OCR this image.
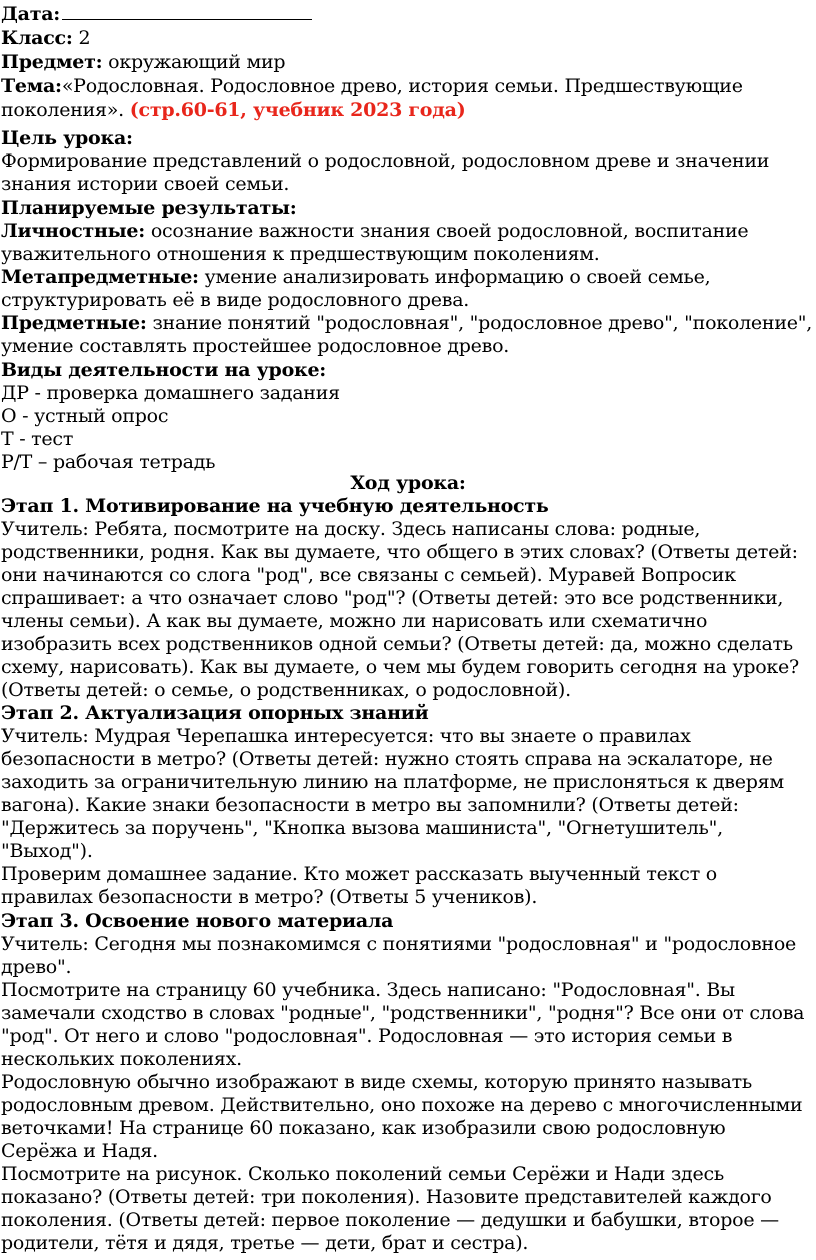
Дата:
Класс: 2
Предмет: окружающий мир
Тема:«Родословная. Родословное древо, история семьи. Предшествующие
поколения». (стр.60-61, учебник 2023 года)
Цель урока:
Формирование представлений о родословной, родословном древе и значении
знания истории своей семьи.
Планируемые результаты:
Личностные: осознание важности знания своей родословной, воспитание
уважительного отношения к предшествующим поколениям.
Метапредметные: умение анализировать информацию о своей семье,
структурировать её в виде родословного древа.
Предметные: знание понятий "родословная", "родословное древо", "поколение",
умение составлять простейшее родословное древо.
Виды деятельности на уроке:
ДР - проверка домашнего задания
О - устный опрос
Т - тест
Р/Т – рабочая тетрадь
Ход урока:
Этап 1. Мотивирование на учебную деятельность
Учитель: Ребята, посмотрите на доску. Здесь написаны слова: родные,
родственники, родня. Как вы думаете, что общего в этих словах? (Ответы детей:
они начинаются со слога "род", все связаны с семьей). Муравей Вопросик
спрашивает: а что означает слово "род"? (Ответы детей: это все родственники,
члены семьи). А как вы думаете, можно ли нарисовать или схематично
изобразить всех родственников одной семьи? (Ответы детей: да, можно сделать
схему, нарисовать). Как вы думаете, о чем мы будем говорить сегодня на уроке?
(Ответы детей: о семье, о родственниках, о родословной).
Этап 2. Актуализация опорных знаний
Учитель: Мудрая Черепашка интересуется: что вы знаете о правилах
безопасности в метро? (Ответы детей: нужно стоять справа на эскалаторе, не
заходить за ограничительную линию на платформе, не прислоняться к дверям
вагона). Какие знаки безопасности в метро вы запомнили? (Ответы детей:
"Держитесь за поручень", "Кнопка вызова машиниста", "Огнетушитель",
"Выход").
Проверим домашнее задание. Кто может рассказать выученный текст о
правилах безопасности в метро? (Ответы 5 учеников).
Этап 3. Освоение нового материала
Учитель: Сегодня мы познакомимся с понятиями "родословная" и "родословное
древо".
Посмотрите на страницу 60 учебника. Здесь написано: "Родословная". Вы
замечали сходство в словах "родные", "родственники", "родня"? Все они от слова
"род". От него и слово "родословная". Родословная — это история семьи в
нескольких поколениях.
Родословную обычно изображают в виде схемы, которую принято называть
родословным древом. Действительно, оно похоже на дерево с многочисленными
веточками! На странице 60 показано, как изобразили свою родословную
Серёжа и Надя.
Посмотрите на рисунок. Сколько поколений семьи Серёжи и Нади здесь
показано? (Ответы детей: три поколения). Назовите представителей каждого
поколения. (Ответы детей: первое поколение — дедушки и бабушки, второе —
родители, тётя и дядя, третье — дети, брат и сестра).
